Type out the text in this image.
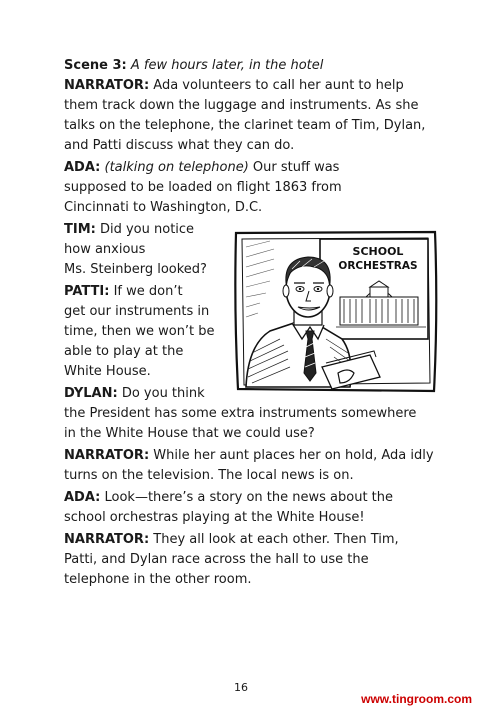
Scene 3: A few hours later, in the hotel
NARRATOR: Ada volunteers to call her aunt to help
them track down the luggage and instruments. As she
talks on the telephone, the clarinet team of Tim, Dylan,
and Patti discuss what they can do.
ADA: (talking on telephone) Our stuff was
supposed to be loaded on flight 1863 from
Cincinnati to Washington, D.C.
TIM: Did you notice
how anxious
Ms. Steinberg looked?
PATTI: If we don’t
get our instruments in
time, then we won’t be
able to play at the
White House.
DYLAN: Do you think
the President has some extra instruments somewhere
in the White House that we could use?
NARRATOR: While her aunt places her on hold, Ada idly
turns on the television. The local news is on.
ADA: Look—there’s a story on the news about the
school orchestras playing at the White House!
NARRATOR: They all look at each other. Then Tim,
Patti, and Dylan race across the hall to use the
telephone in the other room.
SCHOOL
ORCHESTRAS
16
www.tingroom.com
